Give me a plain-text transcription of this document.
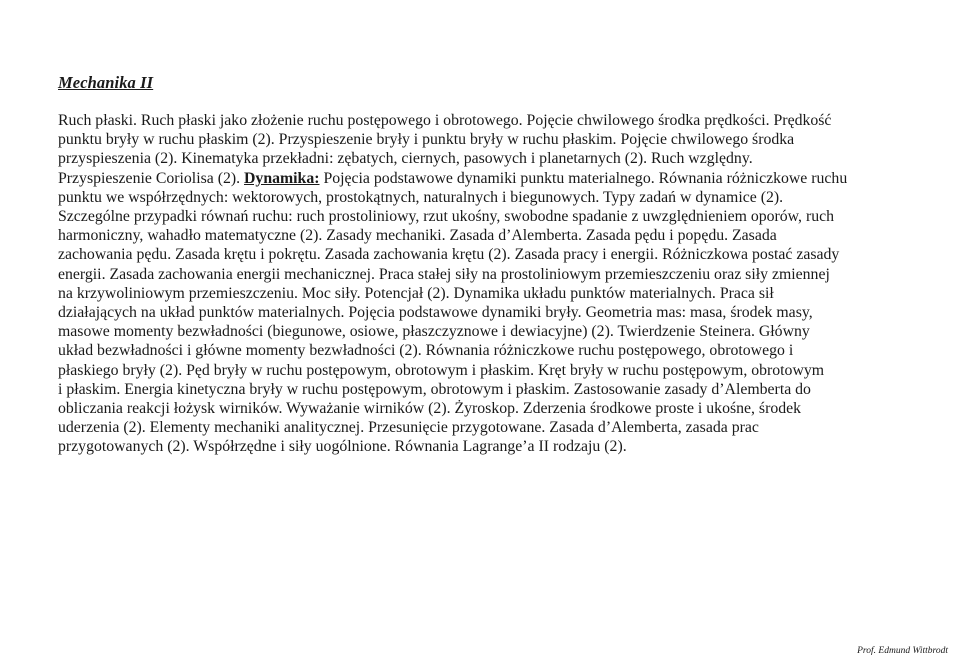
Mechanika II
Ruch płaski. Ruch płaski jako złożenie ruchu postępowego i obrotowego. Pojęcie chwilowego środka prędkości. Prędkość
punktu bryły w ruchu płaskim (2). Przyspieszenie bryły i punktu bryły w ruchu płaskim. Pojęcie chwilowego środka
przyspieszenia (2). Kinematyka przekładni: zębatych, ciernych, pasowych i planetarnych (2). Ruch względny.
Przyspieszenie Coriolisa (2). Dynamika: Pojęcia podstawowe dynamiki punktu materialnego. Równania różniczkowe ruchu
punktu we współrzędnych: wektorowych, prostokątnych, naturalnych i biegunowych. Typy zadań w dynamice (2).
Szczególne przypadki równań ruchu: ruch prostoliniowy, rzut ukośny, swobodne spadanie z uwzględnieniem oporów, ruch
harmoniczny, wahadło matematyczne (2). Zasady mechaniki. Zasada d’Alemberta. Zasada pędu i popędu. Zasada
zachowania pędu. Zasada krętu i pokrętu. Zasada zachowania krętu (2). Zasada pracy i energii. Różniczkowa postać zasady
energii. Zasada zachowania energii mechanicznej. Praca stałej siły na prostoliniowym przemieszczeniu oraz siły zmiennej
na krzywoliniowym przemieszczeniu. Moc siły. Potencjał (2). Dynamika układu punktów materialnych. Praca sił
działających na układ punktów materialnych. Pojęcia podstawowe dynamiki bryły. Geometria mas: masa, środek masy,
masowe momenty bezwładności (biegunowe, osiowe, płaszczyznowe i dewiacyjne) (2). Twierdzenie Steinera. Główny
układ bezwładności i główne momenty bezwładności (2). Równania różniczkowe ruchu postępowego, obrotowego i
płaskiego bryły (2). Pęd bryły w ruchu postępowym, obrotowym i płaskim. Kręt bryły w ruchu postępowym, obrotowym
i płaskim. Energia kinetyczna bryły w ruchu postępowym, obrotowym i płaskim. Zastosowanie zasady d’Alemberta do
obliczania reakcji łożysk wirników. Wyważanie wirników (2). Żyroskop. Zderzenia środkowe proste i ukośne, środek
uderzenia (2). Elementy mechaniki analitycznej. Przesunięcie przygotowane. Zasada d’Alemberta, zasada prac
przygotowanych (2). Współrzędne i siły uogólnione. Równania Lagrange’a II rodzaju (2).
Prof. Edmund Wittbrodt
